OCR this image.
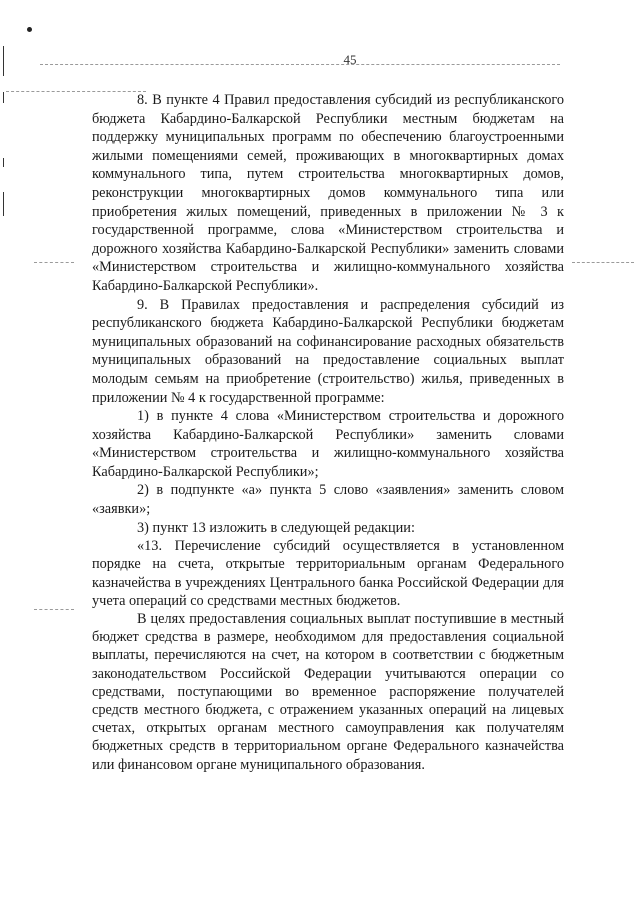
45

8. В пункте 4 Правил предоставления субсидий из республиканского бюджета Кабардино-Балкарской Республики местным бюджетам на поддержку муниципальных программ по обеспечению благоустроенными жилыми помещениями семей, проживающих в многоквартирных домах коммунального типа, путем строительства многоквартирных домов, реконструкции многоквартирных домов коммунального типа или приобретения жилых помещений, приведенных в приложении № 3 к государственной программе, слова «Министерством строительства и дорожного хозяйства Кабардино-Балкарской Республики» заменить словами «Министерством строительства и жилищно-коммунального хозяйства Кабардино-Балкарской Республики».

9. В Правилах предоставления и распределения субсидий из республиканского бюджета Кабардино-Балкарской Республики бюджетам муниципальных образований на софинансирование расходных обязательств муниципальных образований на предоставление социальных выплат молодым семьям на приобретение (строительство) жилья, приведенных в приложении № 4 к государственной программе:

1) в пункте 4 слова «Министерством строительства и дорожного хозяйства Кабардино-Балкарской Республики» заменить словами «Министерством строительства и жилищно-коммунального хозяйства Кабардино-Балкарской Республики»;

2) в подпункте «а» пункта 5 слово «заявления» заменить словом «заявки»;

3) пункт 13 изложить в следующей редакции:

«13. Перечисление субсидий осуществляется в установленном порядке на счета, открытые территориальным органам Федерального казначейства в учреждениях Центрального банка Российской Федерации для учета операций со средствами местных бюджетов.

В целях предоставления социальных выплат поступившие в местный бюджет средства в размере, необходимом для предоставления социальной выплаты, перечисляются на счет, на котором в соответствии с бюджетным законодательством Российской Федерации учитываются операции со средствами, поступающими во временное распоряжение получателей средств местного бюджета, с отражением указанных операций на лицевых счетах, открытых органам местного самоуправления как получателям бюджетных средств в территориальном органе Федерального казначейства или финансовом органе муниципального образования.
